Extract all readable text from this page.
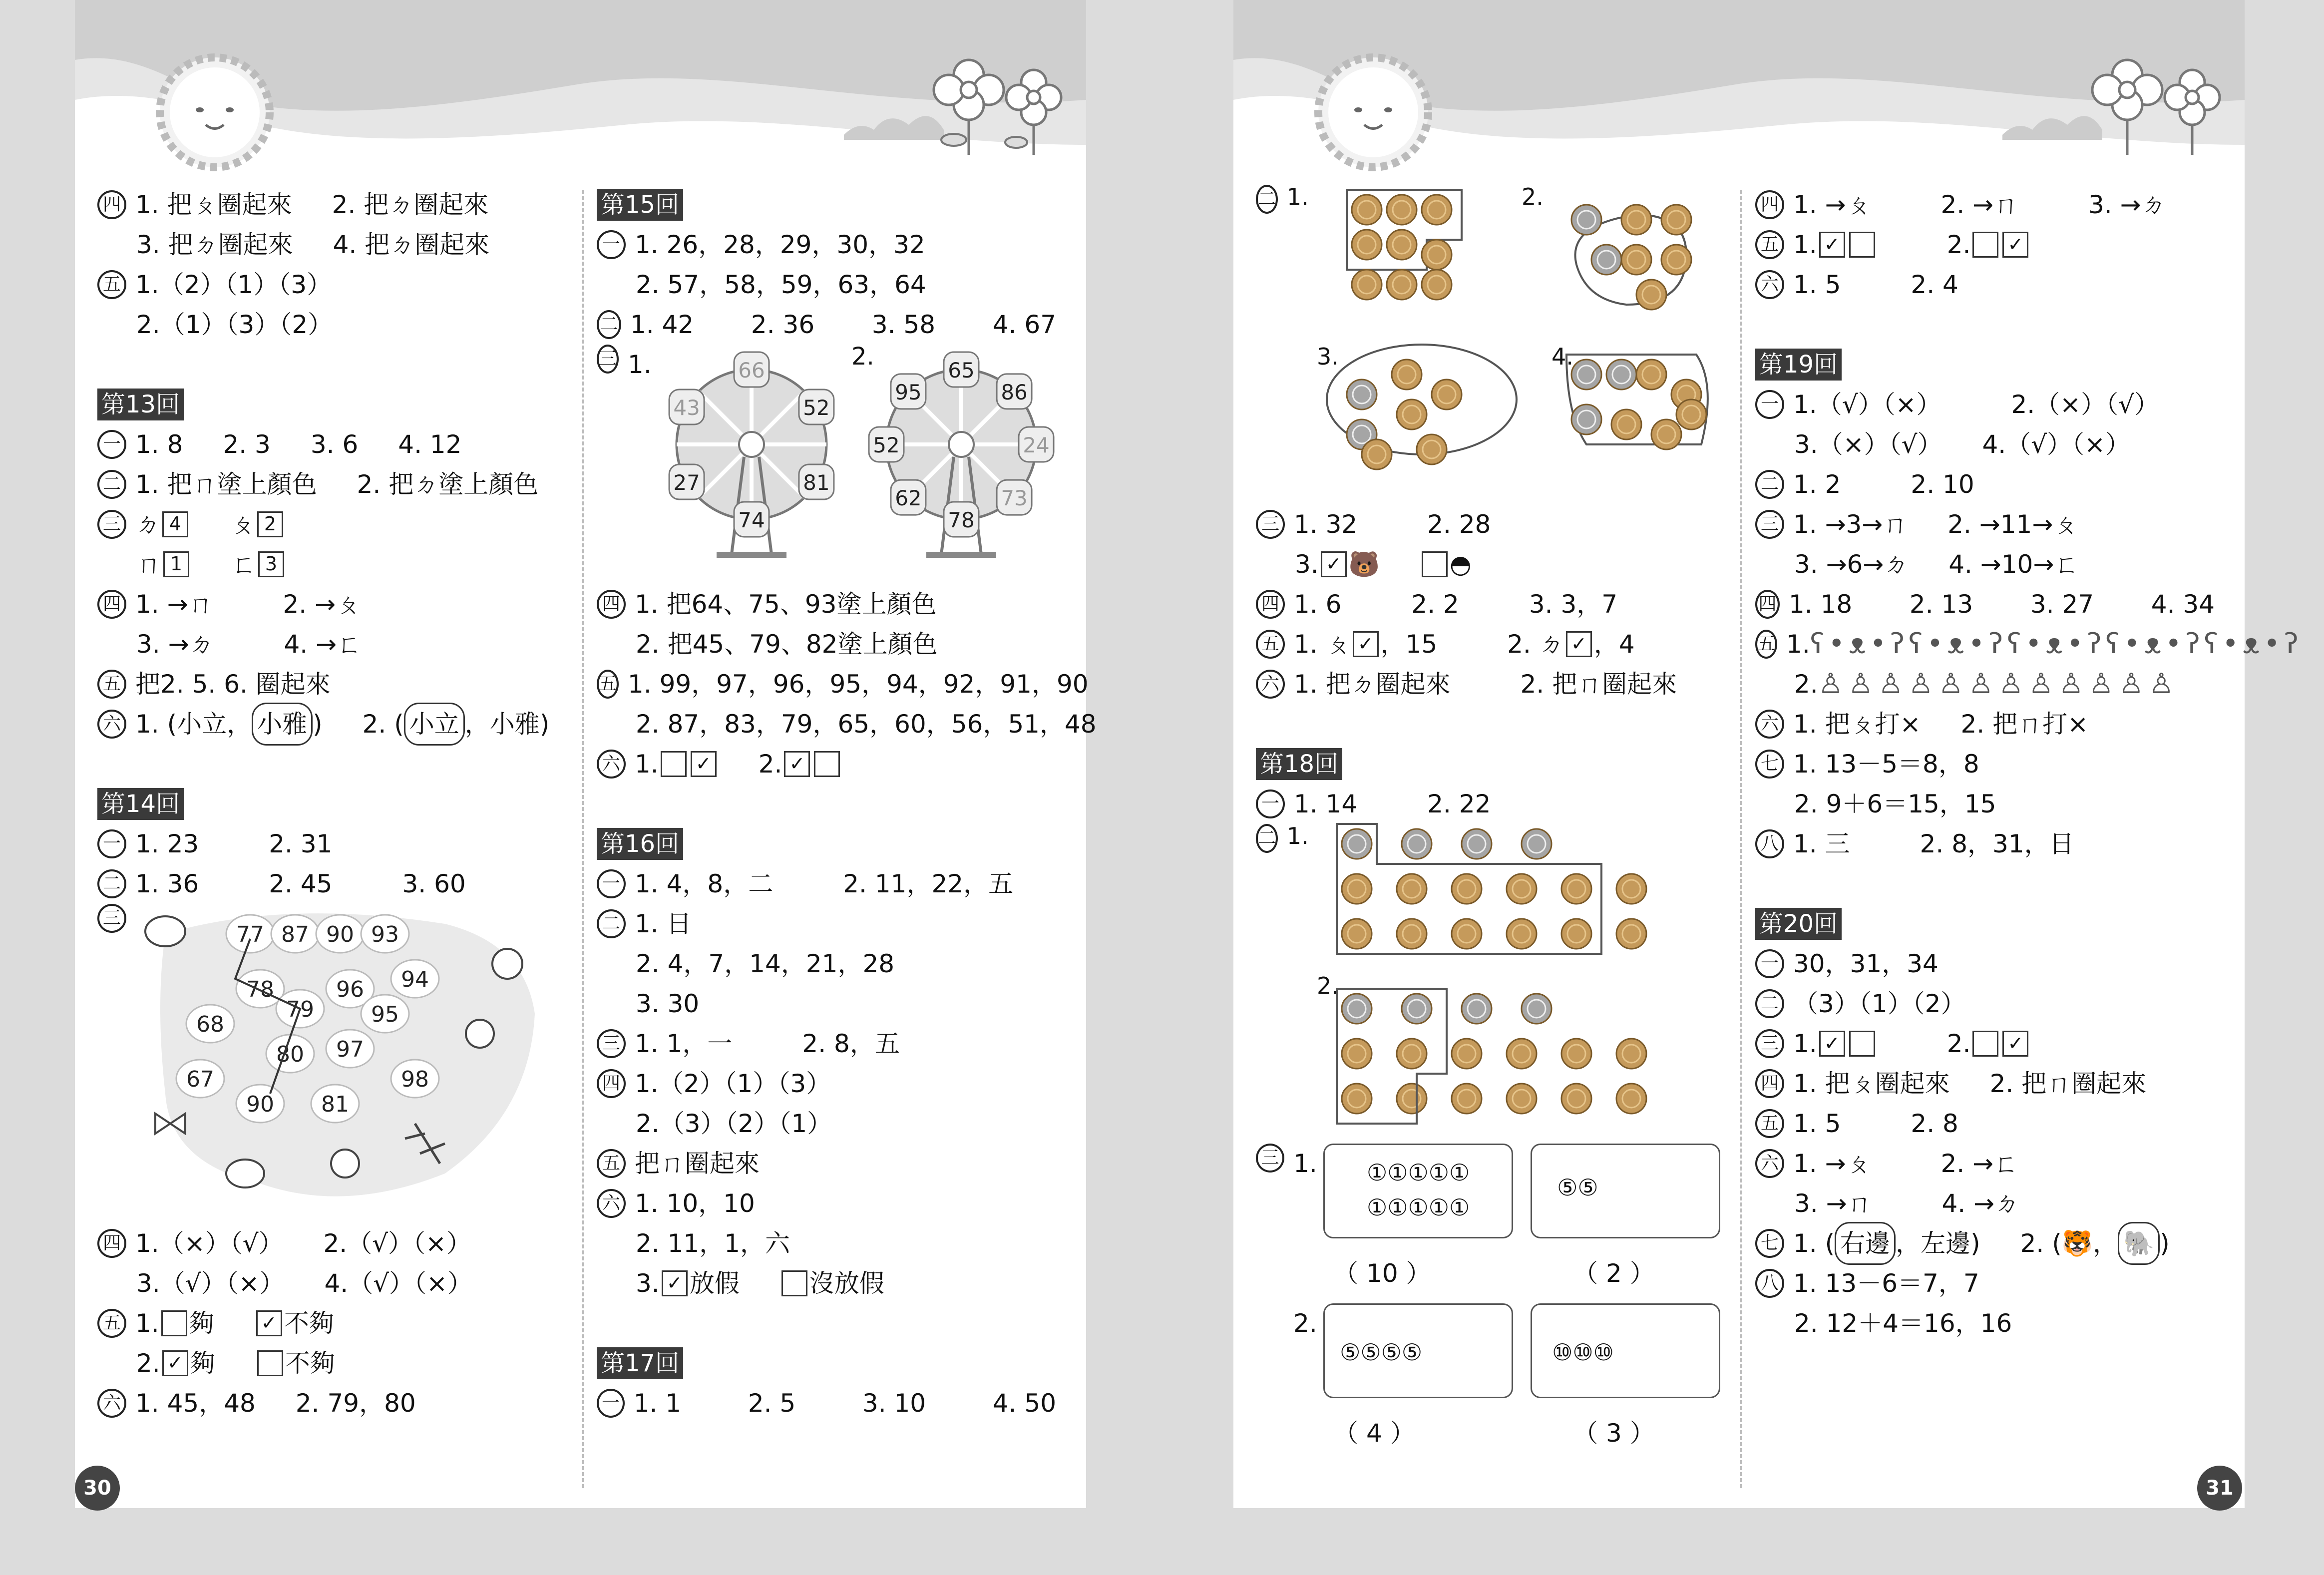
四 1. 把ㄆ圈起來 2. 把ㄉ圈起來
3. 把ㄉ圈起來 4. 把ㄉ圈起來
五 1.（2）（1）（3）
2.（1）（3）（2）
第13回
一 1. 8 2. 3 3. 6 4. 12
二 1. 把ㄇ塗上顏色 2. 把ㄉ塗上顏色
三 ㄉ 4 ㄆ 2
ㄇ 1 ㄈ 3
四 1. →ㄇ	2. →ㄆ
3. →ㄉ	4. →ㄈ
五 把2. 5. 6. 圈起來
六 1. (小立， 小雅 ) 2. ( 小立 ，小雅)
第14回
一 1. 23	2. 31
二 1. 36	2. 45	3. 60
三
77 87 90 93
78	96 94
79	95
68
97
80
67	98
90 81
四 1.（×）（√） 2.（√）（×）
3.（√）（×） 4.（√）（×）
五 1. 夠 ✓ 不夠
2. ✓ 夠	不夠
六 1. 45，48 2. 79，80
第15回
一 1. 26，28，29，30，32
2. 57，58，59，63，64
二 1. 42 2. 36 3. 58 4. 67
三 1.	66
52
81
74
27
43
2.	65
86
24
73
78
62
52
95
四 1. 把64、75、93塗上顏色
2. 把45、79、82塗上顏色
五 1. 99，97，96，95，94，92，91，90
2. 87，83，79，65，60，56，51，48
六 1. ✓ 2. ✓
第16回
一 1. 4，8，二	2. 11，22，五
二 1. 日
2. 4，7，14，21，28
3. 30
三 1. 1，一	2. 8，五
四 1.（2）（1）（3）
2.（3）（2）（1）
五 把ㄇ圈起來
六 1. 10，10
2. 11，1，六
3. ✓ 放假	沒放假
第17回
一 1. 1	2. 5	3. 10	4. 50
30
二 1.	2.
3.	4.
三 1. 32	2. 28
3. ✓ 🐻	◓
四 1. 6	2. 2	3. 3，7
五 1. ㄆ ✓ ，15	2. ㄉ ✓ ，4
六 1. 把ㄉ圈起來	2. 把ㄇ圈起來
第18回
一 1. 14	2. 22
二 1.
2.
三 1.	①①①①①
①①①①①
⑤⑤
（ 10 ）	（ 2 ）
2.
⑤⑤⑤⑤	⑩⑩⑩
（ 4 ）	（ 3 ）
四 1. →ㄆ	2. →ㄇ	3. →ㄉ
五 1. ✓	2. ✓
六 1. 5	2. 4
第19回
一 1.（√）（×）	2.（×）（√）
3.（×）（√） 4.（√）（×）
二 1. 2	2. 10
三 1. →3→ㄇ 2. →11→ㄆ
3. →6→ㄉ 4. →10→ㄈ
四 1. 18 2. 13 3. 27 4. 34
五 1. ʕ•ᴥ•ʔʕ•ᴥ•ʔʕ•ᴥ•ʔʕ•ᴥ•ʔʕ•ᴥ•ʔ
2. ♙♙♙♙♙♙♙♙♙♙♙♙
六 1. 把ㄆ打× 2. 把ㄇ打×
七 1. 13－5＝8，8
2. 9＋6＝15，15
八 1. 三	2. 8，31，日
第20回
一 30，31，34
二 （3）（1）（2）
三 1. ✓	2. ✓
四 1. 把ㄆ圈起來 2. 把ㄇ圈起來
五 1. 5	2. 8
六 1. →ㄆ	2. →ㄈ
3. →ㄇ	4. →ㄉ
七 1. ( 右邊 ，左邊) 2. ( 🐯 ， 🐘 )
八 1. 13－6＝7，7
2. 12＋4＝16，16
31
